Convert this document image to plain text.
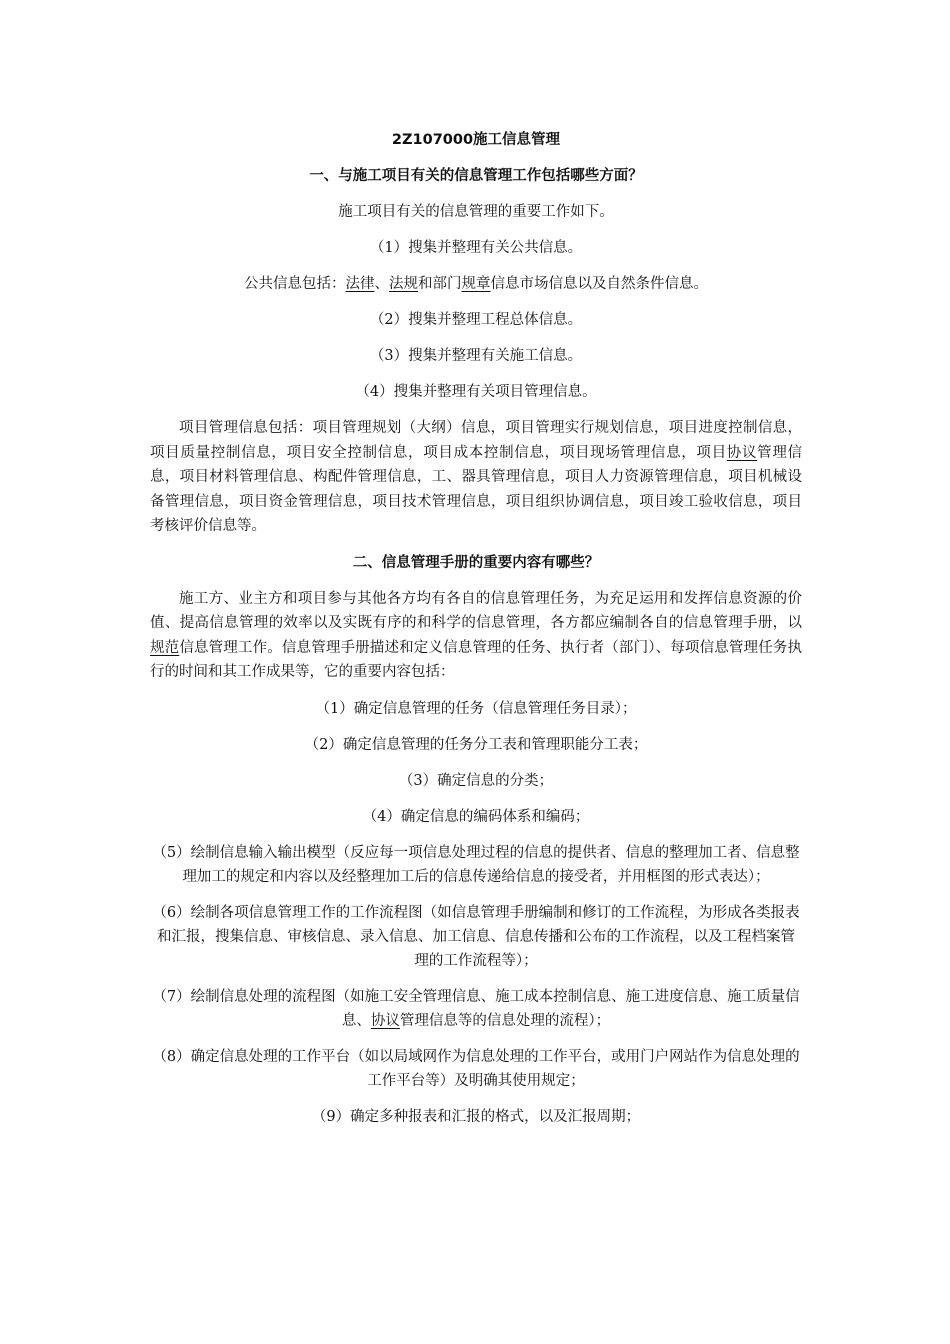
2Z107000施工信息管理

一、与施工项目有关的信息管理工作包括哪些方面？

施工项目有关的信息管理的重要工作如下。

（1）搜集并整理有关公共信息。

公共信息包括：法律、法规和部门规章信息市场信息以及自然条件信息。

（2）搜集并整理工程总体信息。

（3）搜集并整理有关施工信息。

（4）搜集并整理有关项目管理信息。

项目管理信息包括：项目管理规划（大纲）信息，项目管理实行规划信息，项目进度控制信息，项目质量控制信息，项目安全控制信息，项目成本控制信息，项目现场管理信息，项目协议管理信息，项目材料管理信息、构配件管理信息，工、器具管理信息，项目人力资源管理信息，项目机械设备管理信息，项目资金管理信息，项目技术管理信息，项目组织协调信息，项目竣工验收信息，项目考核评价信息等。

二、信息管理手册的重要内容有哪些？

施工方、业主方和项目参与其他各方均有各自的信息管理任务，为充足运用和发挥信息资源的价值、提高信息管理的效率以及实既有序的和科学的信息管理，各方都应编制各自的信息管理手册，以规范信息管理工作。信息管理手册描述和定义信息管理的任务、执行者（部门）、每项信息管理任务执行的时间和其工作成果等，它的重要内容包括：

（1）确定信息管理的任务（信息管理任务目录）；

（2）确定信息管理的任务分工表和管理职能分工表；

（3）确定信息的分类；

（4）确定信息的编码体系和编码；

（5）绘制信息输入输出模型（反应每一项信息处理过程的信息的提供者、信息的整理加工者、信息整理加工的规定和内容以及经整理加工后的信息传递给信息的接受者，并用框图的形式表达）；

（6）绘制各项信息管理工作的工作流程图（如信息管理手册编制和修订的工作流程，为形成各类报表和汇报，搜集信息、审核信息、录入信息、加工信息、信息传播和公布的工作流程，以及工程档案管理的工作流程等）；

（7）绘制信息处理的流程图（如施工安全管理信息、施工成本控制信息、施工进度信息、施工质量信息、协议管理信息等的信息处理的流程）；

（8）确定信息处理的工作平台（如以局域网作为信息处理的工作平台，或用门户网站作为信息处理的工作平台等）及明确其使用规定；

（9）确定多种报表和汇报的格式，以及汇报周期；
